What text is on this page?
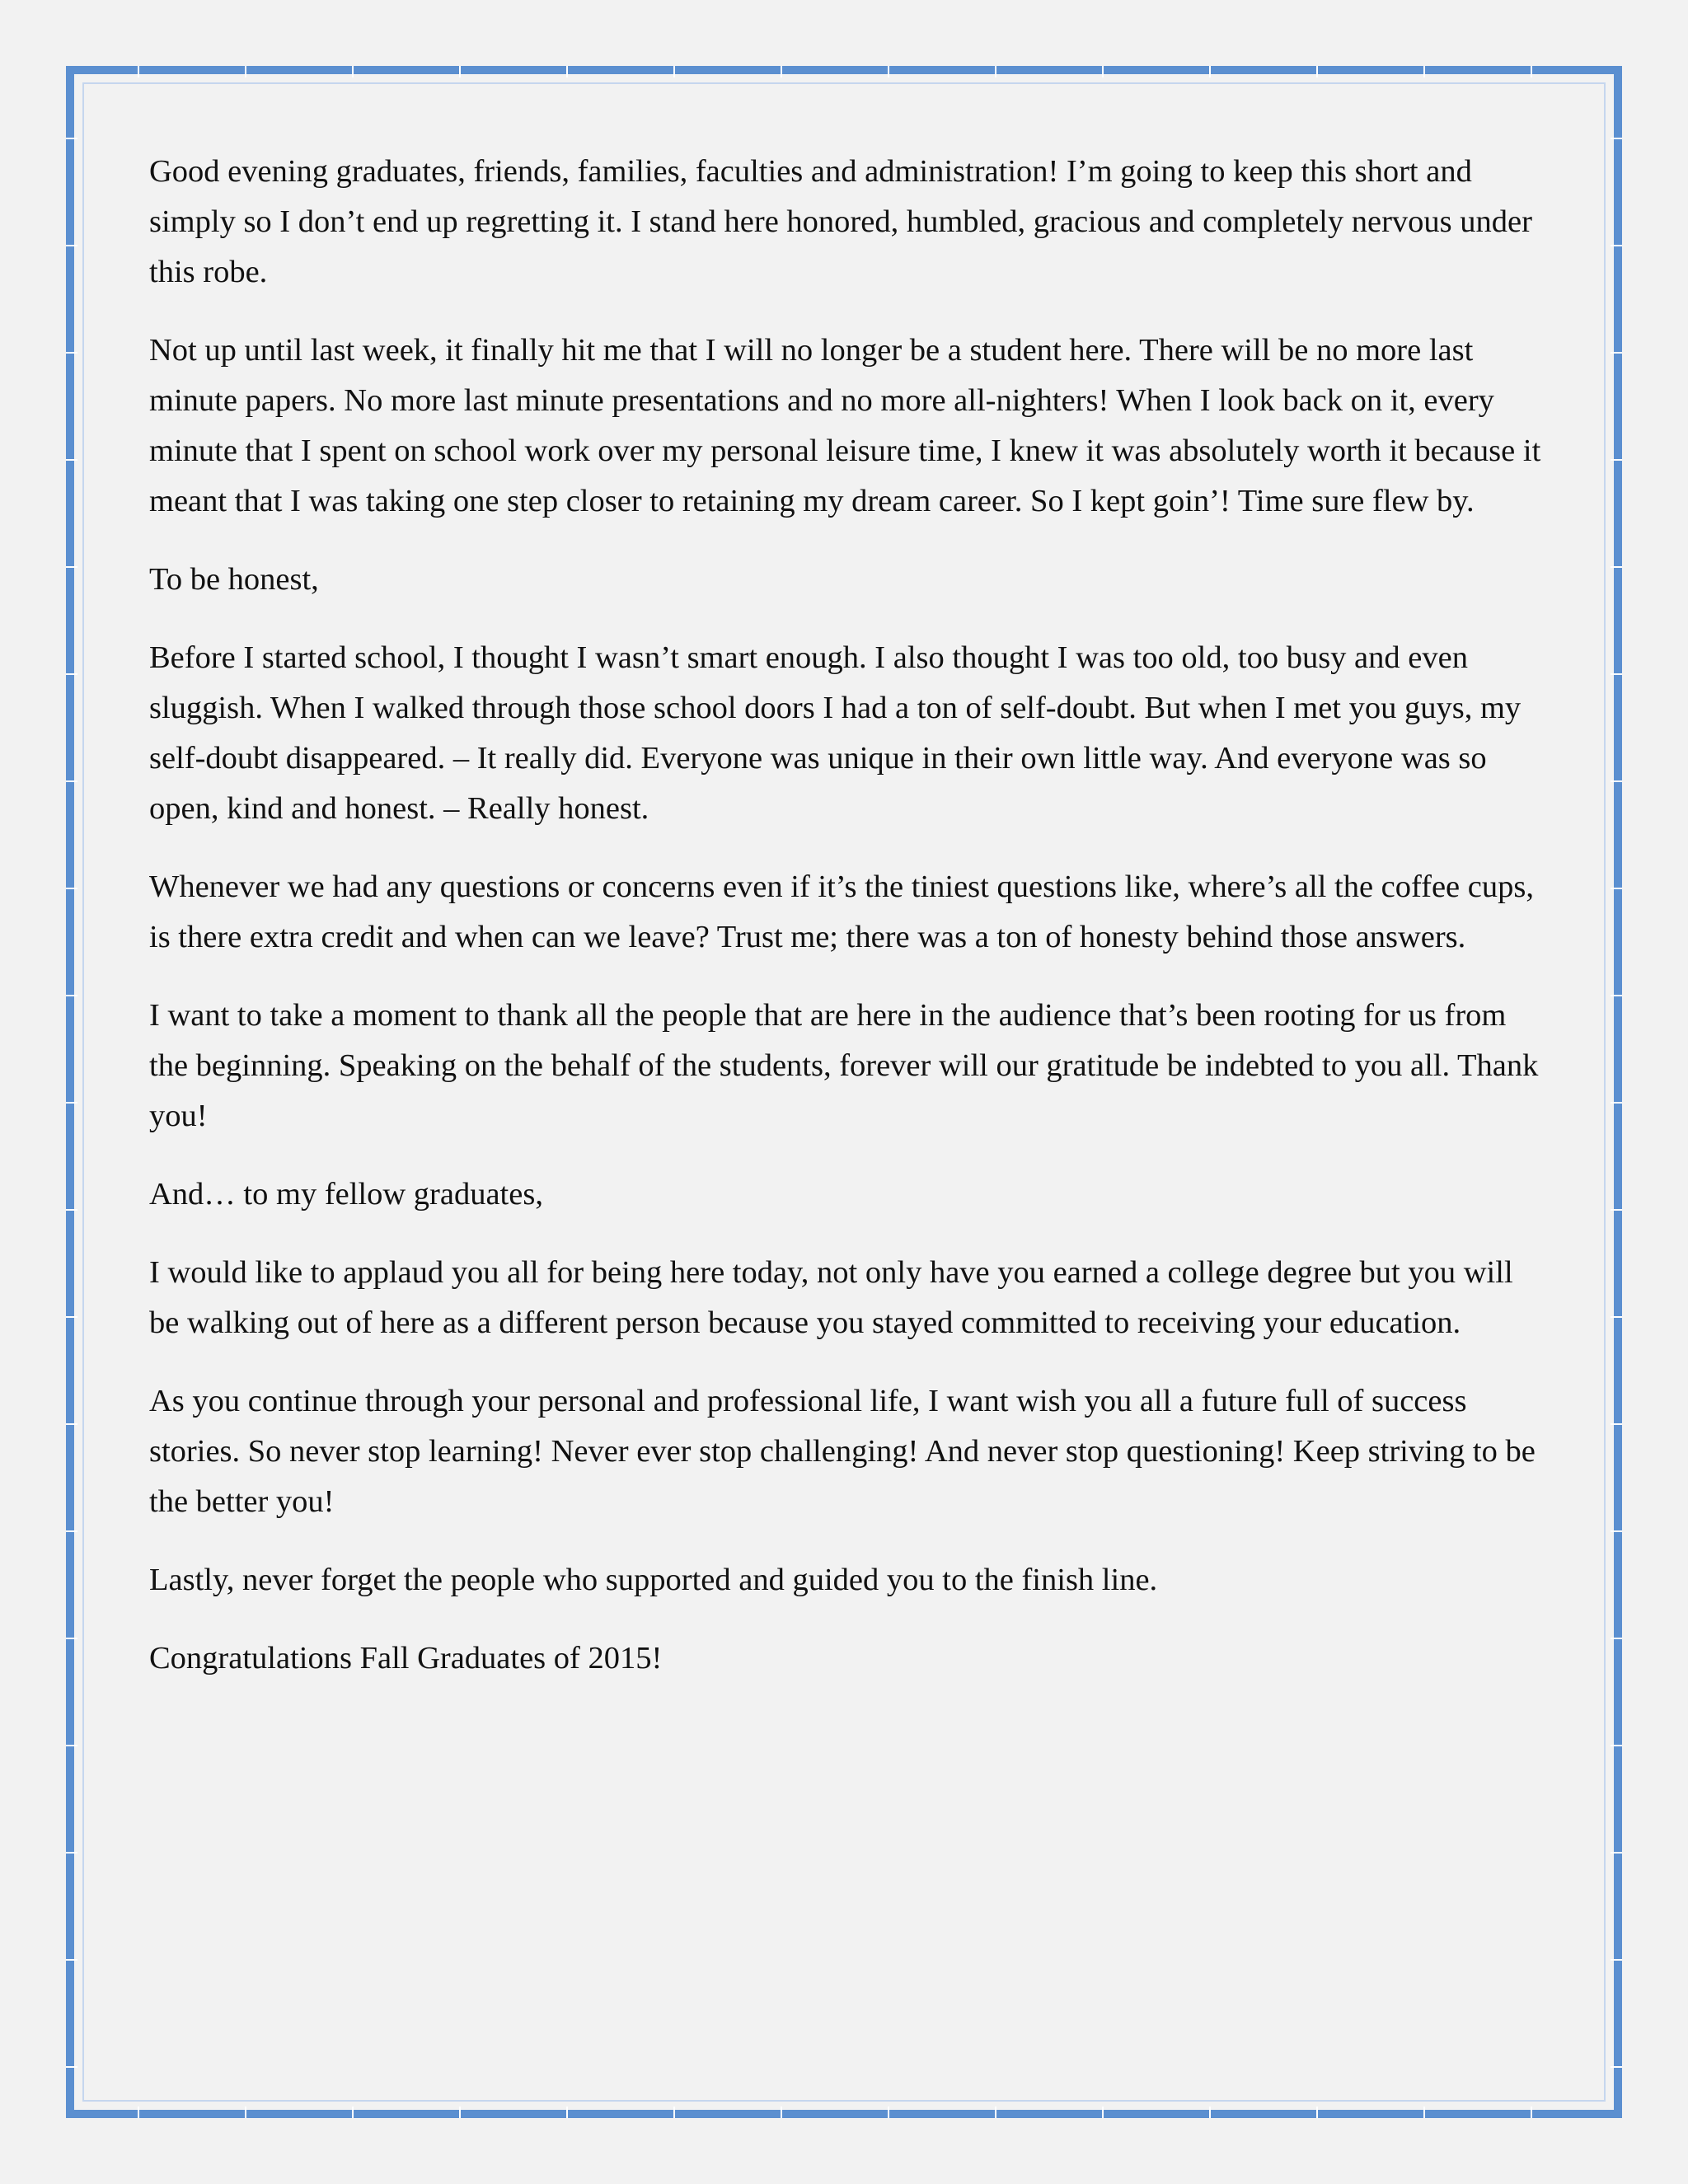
Good evening graduates, friends, families, faculties and administration! I’m going to keep this short and simply so I don’t end up regretting it. I stand here honored, humbled, gracious and completely nervous under this robe.

Not up until last week, it finally hit me that I will no longer be a student here. There will be no more last minute papers. No more last minute presentations and no more all-nighters! When I look back on it, every minute that I spent on school work over my personal leisure time, I knew it was absolutely worth it because it meant that I was taking one step closer to retaining my dream career. So I kept goin’! Time sure flew by.

To be honest,

Before I started school, I thought I wasn’t smart enough. I also thought I was too old, too busy and even sluggish. When I walked through those school doors I had a ton of self-doubt. But when I met you guys, my self-doubt disappeared. – It really did. Everyone was unique in their own little way. And everyone was so open, kind and honest. – Really honest.

Whenever we had any questions or concerns even if it’s the tiniest questions like, where’s all the coffee cups, is there extra credit and when can we leave? Trust me; there was a ton of honesty behind those answers.

I want to take a moment to thank all the people that are here in the audience that’s been rooting for us from the beginning. Speaking on the behalf of the students, forever will our gratitude be indebted to you all. Thank you!

And… to my fellow graduates,

I would like to applaud you all for being here today, not only have you earned a college degree but you will be walking out of here as a different person because you stayed committed to receiving your education.

As you continue through your personal and professional life, I want wish you all a future full of success stories. So never stop learning! Never ever stop challenging! And never stop questioning! Keep striving to be the better you!

Lastly, never forget the people who supported and guided you to the finish line.

Congratulations Fall Graduates of 2015!
